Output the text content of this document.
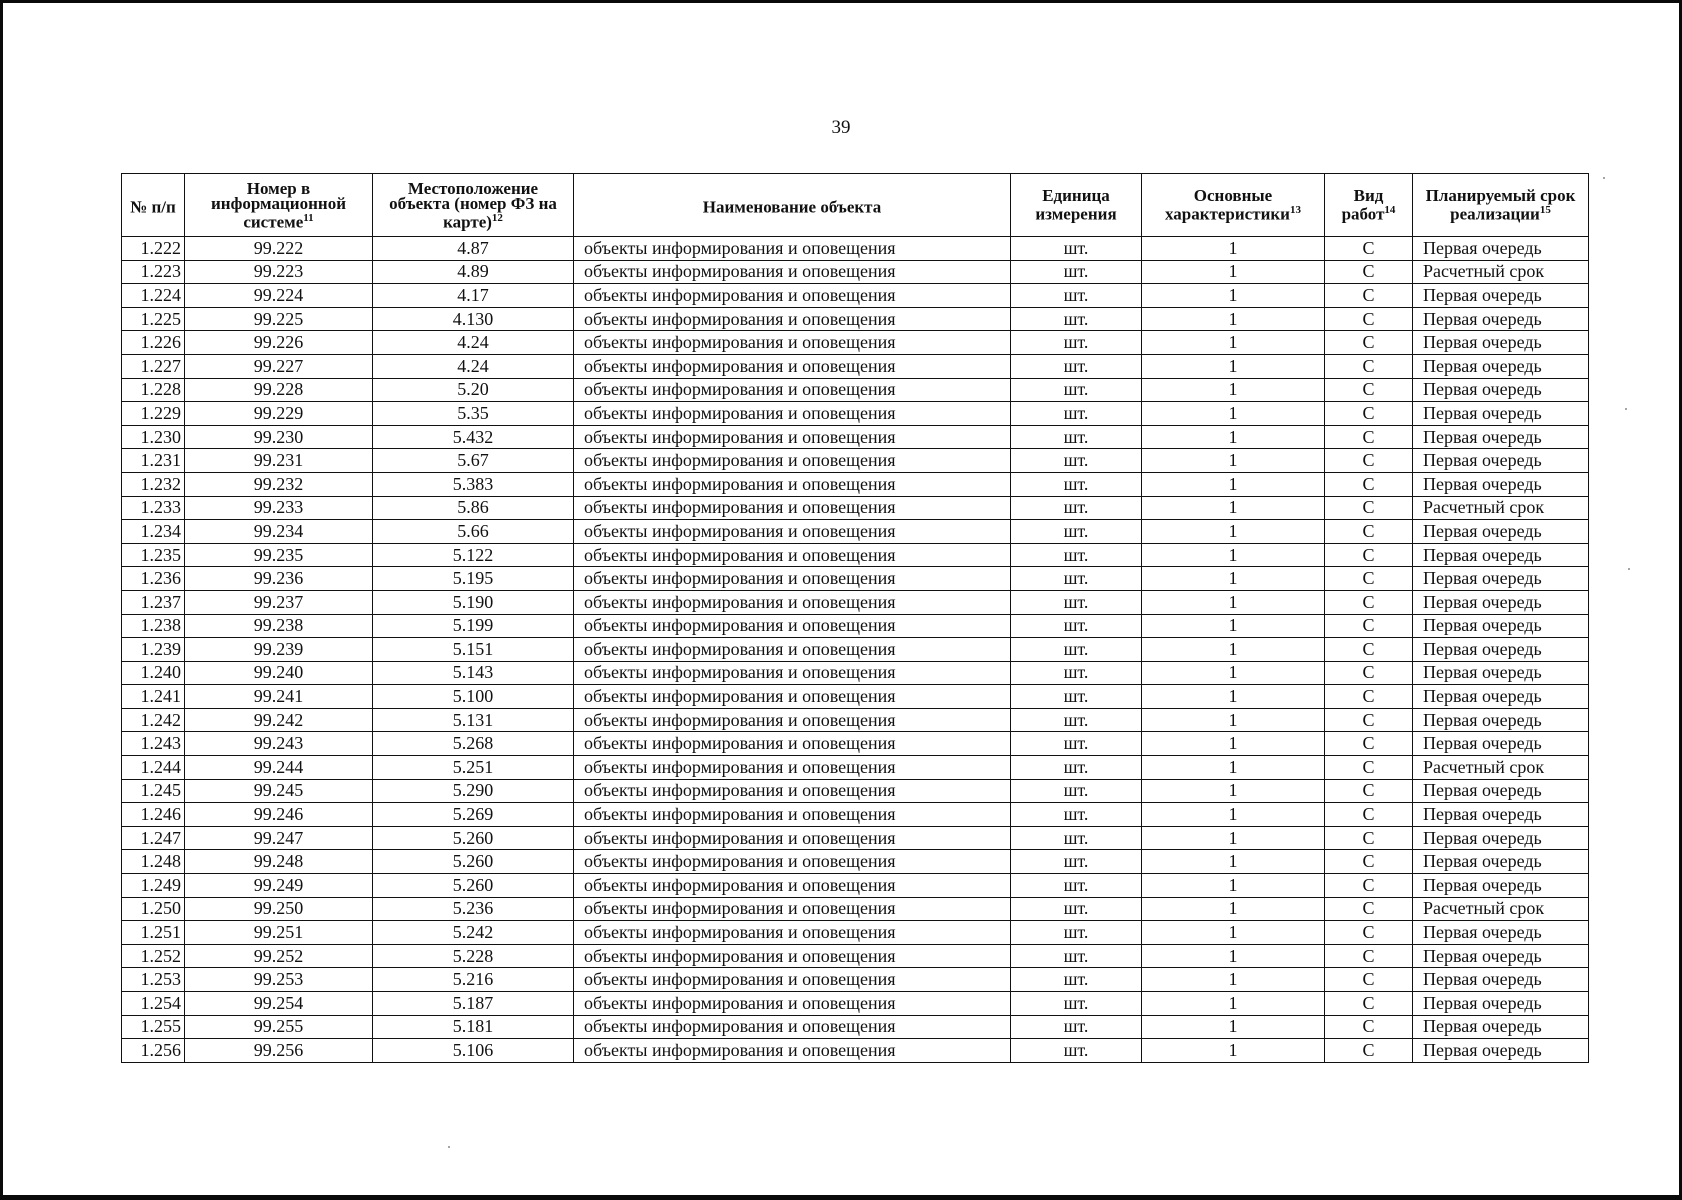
39
№ п/п	Номер в информационной системе$^{11}$	Местоположение объекта (номер ФЗ на карте)$^{12}$	Наименование объекта	Единица измерения	Основные характеристики$^{13}$	Вид работ$^{14}$	Планируемый срок реализации$^{15}$
1.222	99.222	4.87	объекты информирования и оповещения	шт.	1	С	Первая очередь
1.223	99.223	4.89	объекты информирования и оповещения	шт.	1	С	Расчетный срок
1.224	99.224	4.17	объекты информирования и оповещения	шт.	1	С	Первая очередь
1.225	99.225	4.130	объекты информирования и оповещения	шт.	1	С	Первая очередь
1.226	99.226	4.24	объекты информирования и оповещения	шт.	1	С	Первая очередь
1.227	99.227	4.24	объекты информирования и оповещения	шт.	1	С	Первая очередь
1.228	99.228	5.20	объекты информирования и оповещения	шт.	1	С	Первая очередь
1.229	99.229	5.35	объекты информирования и оповещения	шт.	1	С	Первая очередь
1.230	99.230	5.432	объекты информирования и оповещения	шт.	1	С	Первая очередь
1.231	99.231	5.67	объекты информирования и оповещения	шт.	1	С	Первая очередь
1.232	99.232	5.383	объекты информирования и оповещения	шт.	1	С	Первая очередь
1.233	99.233	5.86	объекты информирования и оповещения	шт.	1	С	Расчетный срок
1.234	99.234	5.66	объекты информирования и оповещения	шт.	1	С	Первая очередь
1.235	99.235	5.122	объекты информирования и оповещения	шт.	1	С	Первая очередь
1.236	99.236	5.195	объекты информирования и оповещения	шт.	1	С	Первая очередь
1.237	99.237	5.190	объекты информирования и оповещения	шт.	1	С	Первая очередь
1.238	99.238	5.199	объекты информирования и оповещения	шт.	1	С	Первая очередь
1.239	99.239	5.151	объекты информирования и оповещения	шт.	1	С	Первая очередь
1.240	99.240	5.143	объекты информирования и оповещения	шт.	1	С	Первая очередь
1.241	99.241	5.100	объекты информирования и оповещения	шт.	1	С	Первая очередь
1.242	99.242	5.131	объекты информирования и оповещения	шт.	1	С	Первая очередь
1.243	99.243	5.268	объекты информирования и оповещения	шт.	1	С	Первая очередь
1.244	99.244	5.251	объекты информирования и оповещения	шт.	1	С	Расчетный срок
1.245	99.245	5.290	объекты информирования и оповещения	шт.	1	С	Первая очередь
1.246	99.246	5.269	объекты информирования и оповещения	шт.	1	С	Первая очередь
1.247	99.247	5.260	объекты информирования и оповещения	шт.	1	С	Первая очередь
1.248	99.248	5.260	объекты информирования и оповещения	шт.	1	С	Первая очередь
1.249	99.249	5.260	объекты информирования и оповещения	шт.	1	С	Первая очередь
1.250	99.250	5.236	объекты информирования и оповещения	шт.	1	С	Расчетный срок
1.251	99.251	5.242	объекты информирования и оповещения	шт.	1	С	Первая очередь
1.252	99.252	5.228	объекты информирования и оповещения	шт.	1	С	Первая очередь
1.253	99.253	5.216	объекты информирования и оповещения	шт.	1	С	Первая очередь
1.254	99.254	5.187	объекты информирования и оповещения	шт.	1	С	Первая очередь
1.255	99.255	5.181	объекты информирования и оповещения	шт.	1	С	Первая очередь
1.256	99.256	5.106	объекты информирования и оповещения	шт.	1	С	Первая очередь
